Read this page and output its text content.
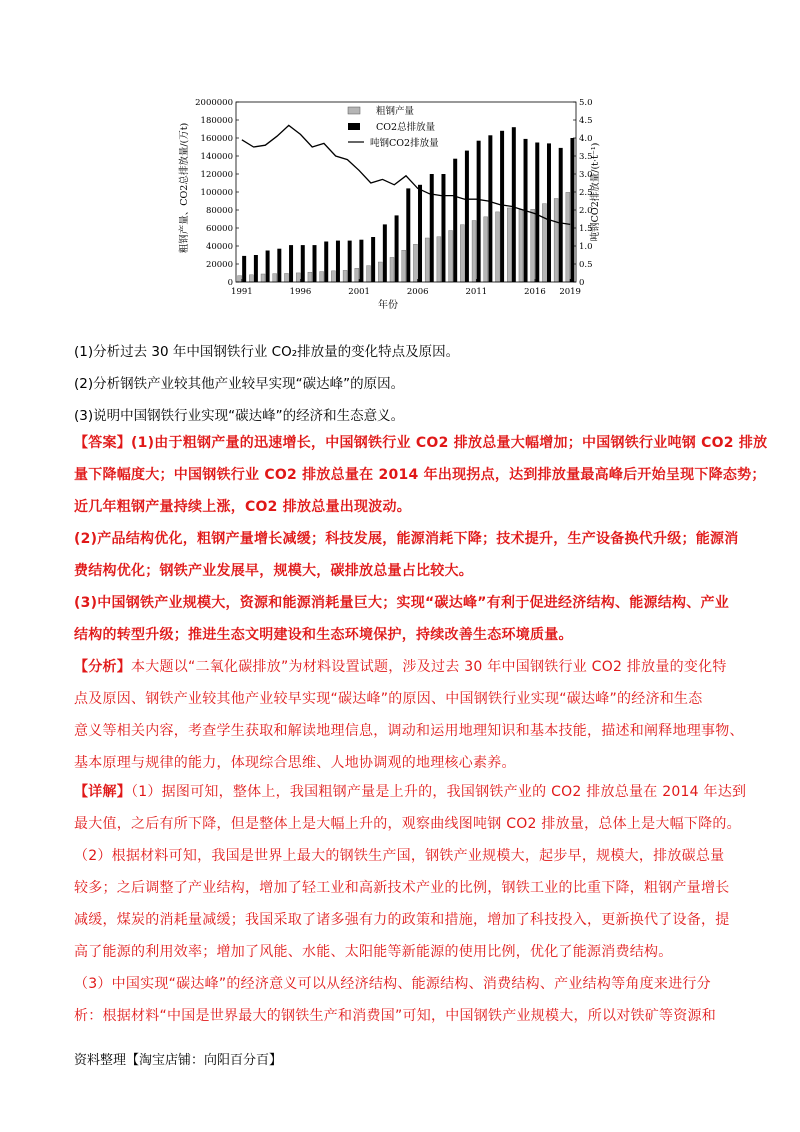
0
20000
40000
60000
80000
100000
120000
140000
160000
180000
2000000
0
0.5
1.0
1.5
2.0
2.5
3.0
3.5
4.0
4.5
5.0
1991	1996	2001	2006	2011	2016 2019
粗钢产量
CO2总排放量
吨钢CO2排放量
粗钢产量、CO2总排放量/(万t)	吨钢CO2排放量/(t·t⁻¹)
年份
(1)分析过去 30 年中国钢铁行业 CO₂排放量的变化特点及原因。
(2)分析钢铁产业较其他产业较早实现“碳达峰”的原因。
(3)说明中国钢铁行业实现“碳达峰”的经济和生态意义。
【答案】(1)由于粗钢产量的迅速增长，中国钢铁行业 CO2 排放总量大幅增加；中国钢铁行业吨钢 CO2 排放
量下降幅度大；中国钢铁行业 CO2 排放总量在 2014 年出现拐点，达到排放量最高峰后开始呈现下降态势；
近几年粗钢产量持续上涨，CO2 排放总量出现波动。
(2)产品结构优化，粗钢产量增长减缓；科技发展，能源消耗下降；技术提升，生产设备换代升级；能源消
费结构优化；钢铁产业发展早，规模大，碳排放总量占比较大。
(3)中国钢铁产业规模大，资源和能源消耗量巨大；实现“碳达峰”有利于促进经济结构、能源结构、产业
结构的转型升级；推进生态文明建设和生态环境保护，持续改善生态环境质量。
【分析】本大题以“二氧化碳排放”为材料设置试题，涉及过去 30 年中国钢铁行业 CO2 排放量的变化特
点及原因、钢铁产业较其他产业较早实现“碳达峰”的原因、中国钢铁行业实现“碳达峰”的经济和生态
意义等相关内容，考查学生获取和解读地理信息，调动和运用地理知识和基本技能，描述和阐释地理事物、
基本原理与规律的能力，体现综合思维、人地协调观的地理核心素养。
【详解】（1）据图可知，整体上，我国粗钢产量是上升的，我国钢铁产业的 CO2 排放总量在 2014 年达到
最大值，之后有所下降，但是整体上是大幅上升的，观察曲线图吨钢 CO2 排放量，总体上是大幅下降的。
（2）根据材料可知，我国是世界上最大的钢铁生产国，钢铁产业规模大，起步早，规模大，排放碳总量
较多；之后调整了产业结构，增加了轻工业和高新技术产业的比例，钢铁工业的比重下降，粗钢产量增长
减缓，煤炭的消耗量减缓；我国采取了诸多强有力的政策和措施，增加了科技投入，更新换代了设备，提
高了能源的利用效率；增加了风能、水能、太阳能等新能源的使用比例，优化了能源消费结构。
（3）中国实现“碳达峰”的经济意义可以从经济结构、能源结构、消费结构、产业结构等角度来进行分
析：根据材料“中国是世界最大的钢铁生产和消费国”可知，中国钢铁产业规模大，所以对铁矿等资源和
资料整理【淘宝店铺：向阳百分百】
